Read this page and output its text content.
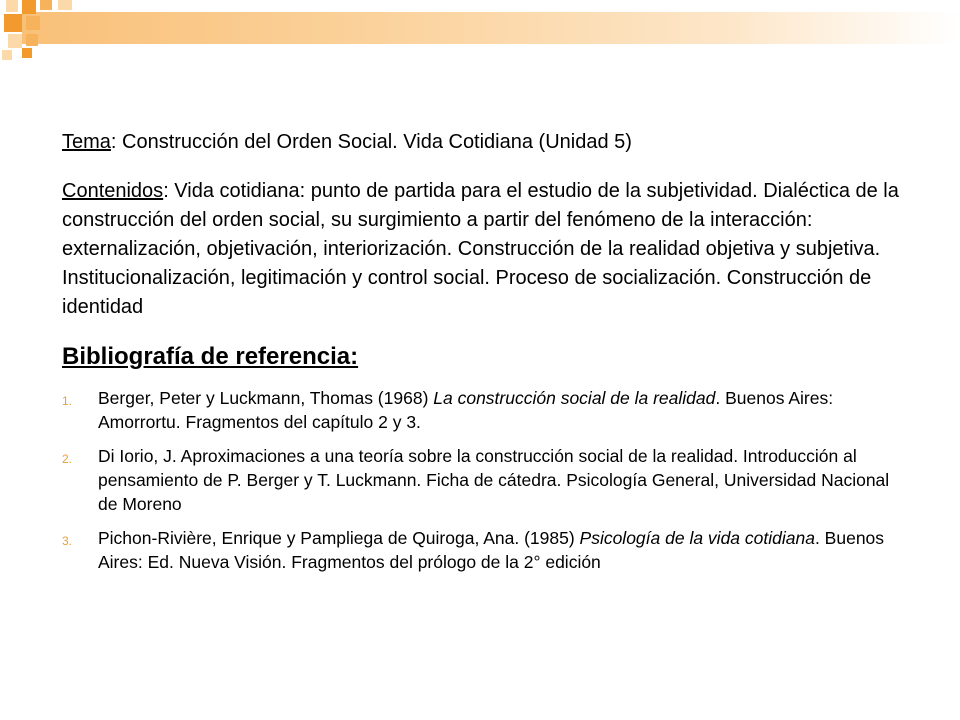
Tema: Construcción del Orden Social. Vida Cotidiana (Unidad 5)

Contenidos: Vida cotidiana: punto de partida para el estudio de la subjetividad. Dialéctica de la construcción del orden social, su surgimiento a partir del fenómeno de la interacción: externalización, objetivación, interiorización. Construcción de la realidad objetiva y subjetiva. Institucionalización, legitimación y control social. Proceso de socialización. Construcción de identidad

Bibliografía de referencia:
1. Berger, Peter y Luckmann, Thomas (1968) La construcción social de la realidad. Buenos Aires: Amorrortu. Fragmentos del capítulo 2 y 3.
2. Di Iorio, J. Aproximaciones a una teoría sobre la construcción social de la realidad. Introducción al pensamiento de P. Berger y T. Luckmann. Ficha de cátedra. Psicología General, Universidad Nacional de Moreno
3. Pichon-Rivière, Enrique y Pampliega de Quiroga, Ana. (1985) Psicología de la vida cotidiana. Buenos Aires: Ed. Nueva Visión. Fragmentos del prólogo de la 2° edición
